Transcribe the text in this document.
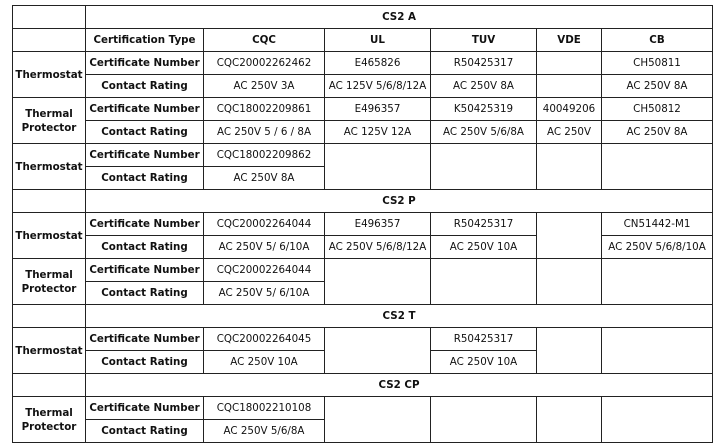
	CS2 A					
	Certification Type	CQC	UL	TUV	VDE	CB
Thermostat	Certificate Number	CQC20002262462	E465826	R50425317		CH50811
	Contact Rating	AC 250V 3A	AC 125V 5/6/8/12A	AC 250V 8A		AC 250V 8A
Thermal
Protector	Certificate Number	CQC18002209861	E496357	K50425319	40049206	CH50812
	Contact Rating	AC 250V 5 / 6 / 8A	AC 125V 12A	AC 250V 5/6/8A	AC 250V	AC 250V 8A
Thermostat	Certificate Number	CQC18002209862				
	Contact Rating	AC 250V 8A				
	CS2 P					
Thermostat	Certificate Number	CQC20002264044	E496357	R50425317		CN51442-M1
	Contact Rating	AC 250V 5/ 6/10A	AC 250V 5/6/8/12A	AC 250V 10A		AC 250V 5/6/8/10A
Thermal
Protector	Certificate Number	CQC20002264044				
	Contact Rating	AC 250V 5/ 6/10A				
	CS2 T					
Thermostat	Certificate Number	CQC20002264045		R50425317		
	Contact Rating	AC 250V 10A		AC 250V 10A		
	CS2 CP					
Thermal
Protector	Certificate Number	CQC18002210108				
	Contact Rating	AC 250V 5/6/8A				
